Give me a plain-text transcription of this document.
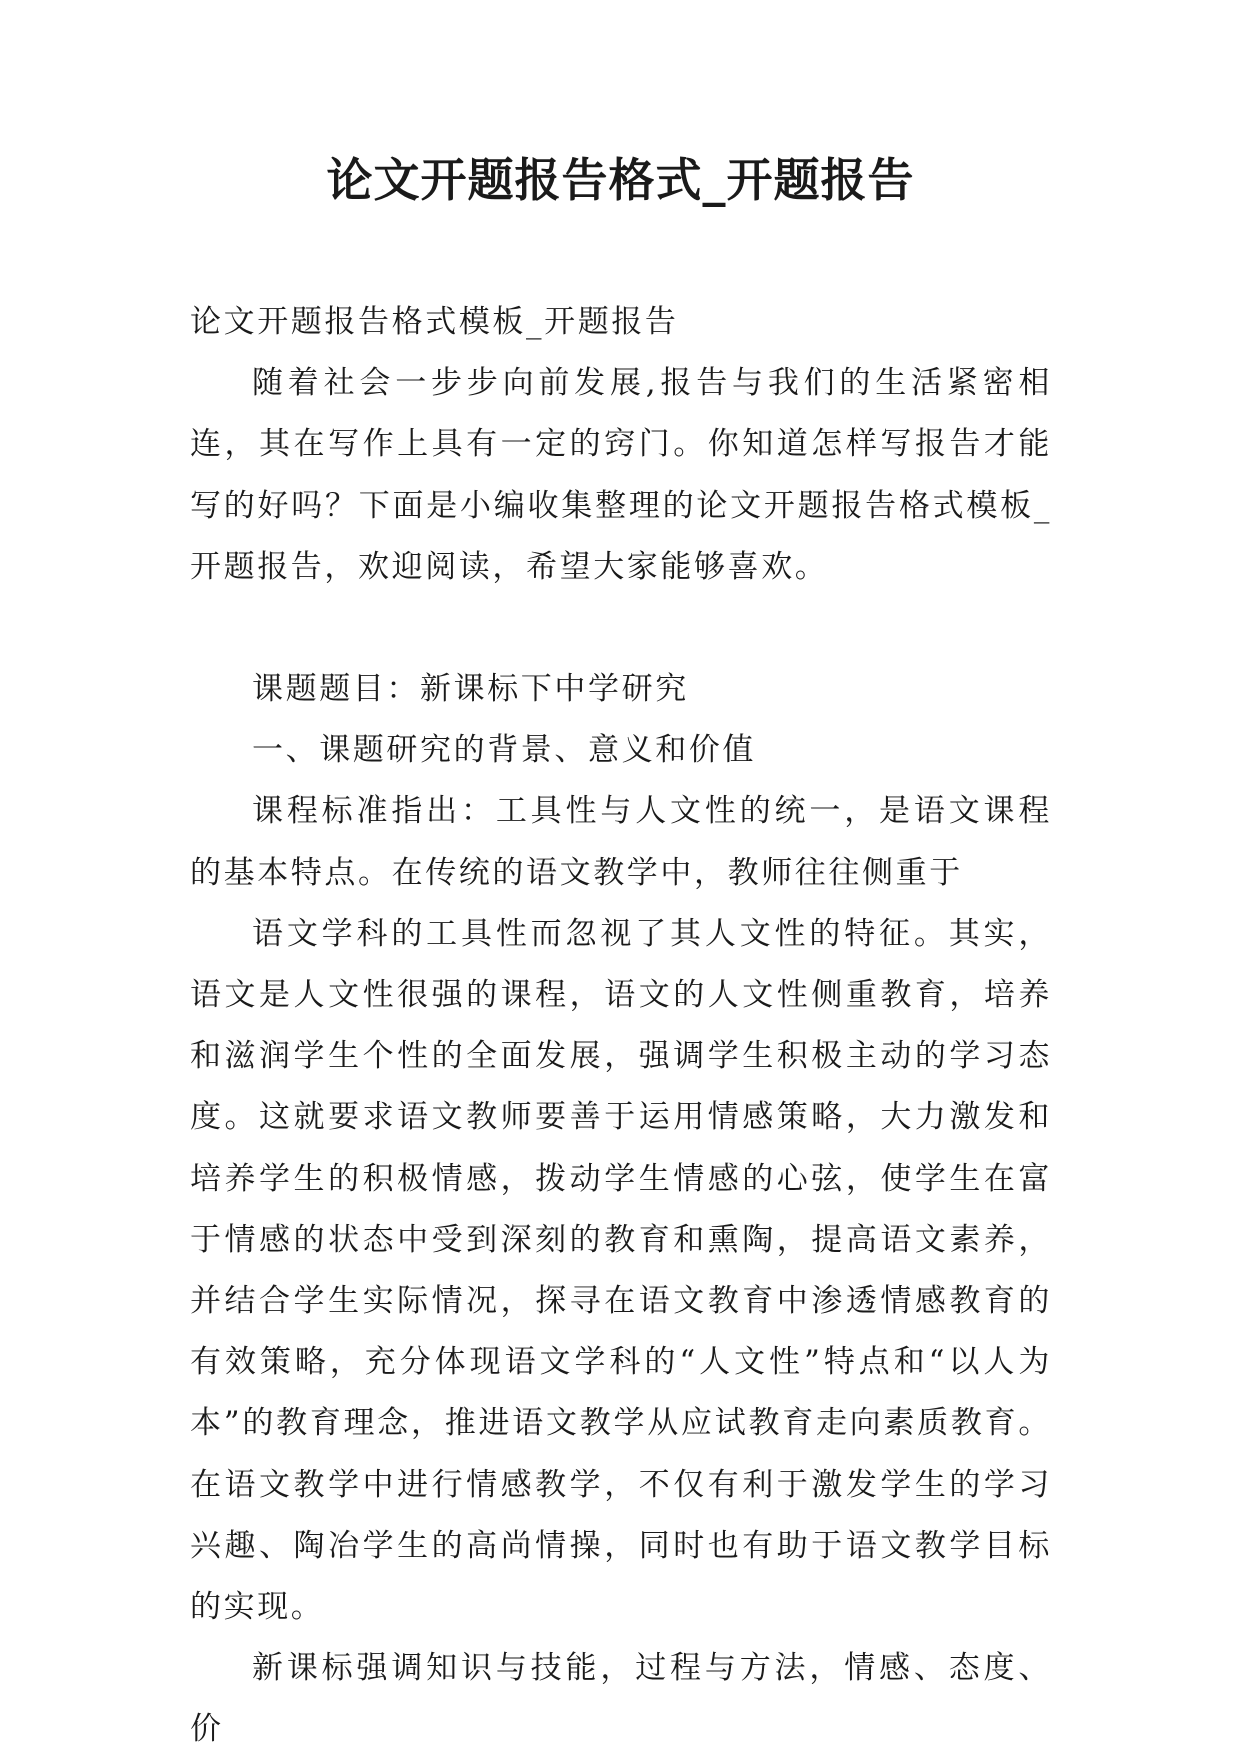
论文开题报告格式_开题报告

论文开题报告格式模板_开题报告

随着社会一步步向前发展,报告与我们的生活紧密相连，其在写作上具有一定的窍门。你知道怎样写报告才能写的好吗？下面是小编收集整理的论文开题报告格式模板_开题报告，欢迎阅读，希望大家能够喜欢。

课题题目：新课标下中学研究

一、课题研究的背景、意义和价值

课程标准指出：工具性与人文性的统一，是语文课程的基本特点。在传统的语文教学中，教师往往侧重于

语文学科的工具性而忽视了其人文性的特征。其实，语文是人文性很强的课程，语文的人文性侧重教育，培养和滋润学生个性的全面发展，强调学生积极主动的学习态度。这就要求语文教师要善于运用情感策略，大力激发和培养学生的积极情感，拨动学生情感的心弦，使学生在富于情感的状态中受到深刻的教育和熏陶，提高语文素养，并结合学生实际情况，探寻在语文教育中渗透情感教育的有效策略，充分体现语文学科的“人文性”特点和“以人为本”的教育理念，推进语文教学从应试教育走向素质教育。在语文教学中进行情感教学，不仅有利于激发学生的学习兴趣、陶冶学生的高尚情操，同时也有助于语文教学目标的实现。

新课标强调知识与技能，过程与方法，情感、态度、价
